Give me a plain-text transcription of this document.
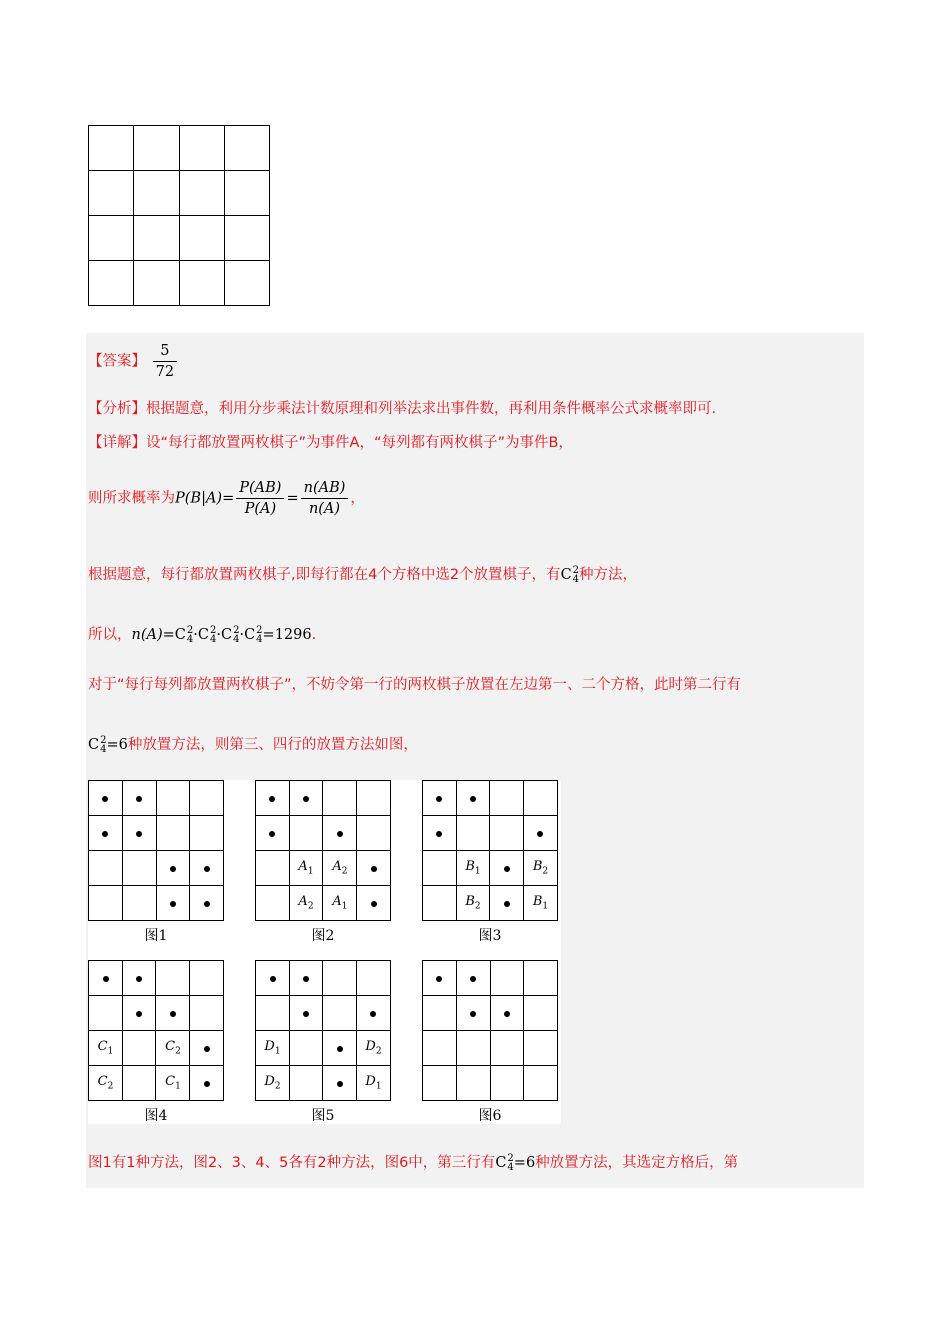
【答案】 $\frac{5}{72}$
【分析】根据题意，利用分步乘法计数原理和列举法求出事件数，再利用条件概率公式求概率即可.
【详解】设“每行都放置两枚棋子”为事件A，“每列都有两枚棋子”为事件B，
则所求概率为$P(B|A)= \frac{P(AB)}{P(A)} = \frac{n(AB)}{n(A)}$ ，
根据题意，每行都放置两枚棋子,即每行都在4个方格中选2个放置棋子，有C 2
4 种方法，
所以，n(A)=C 2
4 ·C 2
4 ·C 2
4 ·C 2
4 =1296.
对于“每行每列都放置两枚棋子”，不妨令第一行的两枚棋子放置在左边第一、二个方格，此时第二行有
C 2
4 =6种放置方法，则第三、四行的放置方法如图，

图1

	$A_1$	$A_2$	
	$A_2$	$A_1$	
图2

	$B_1$		$B_2$
	$B_2$		$B_1$
图3

$C_1$		$C_2$	
$C_2$		$C_1$	
图4

$D_1$			$D_2$
$D_2$			$D_1$
图5

				图6
图1有1种方法，图2、3、4、5各有2种方法，图6中，第三行有C 2
4 =6种放置方法，其选定方格后，第
